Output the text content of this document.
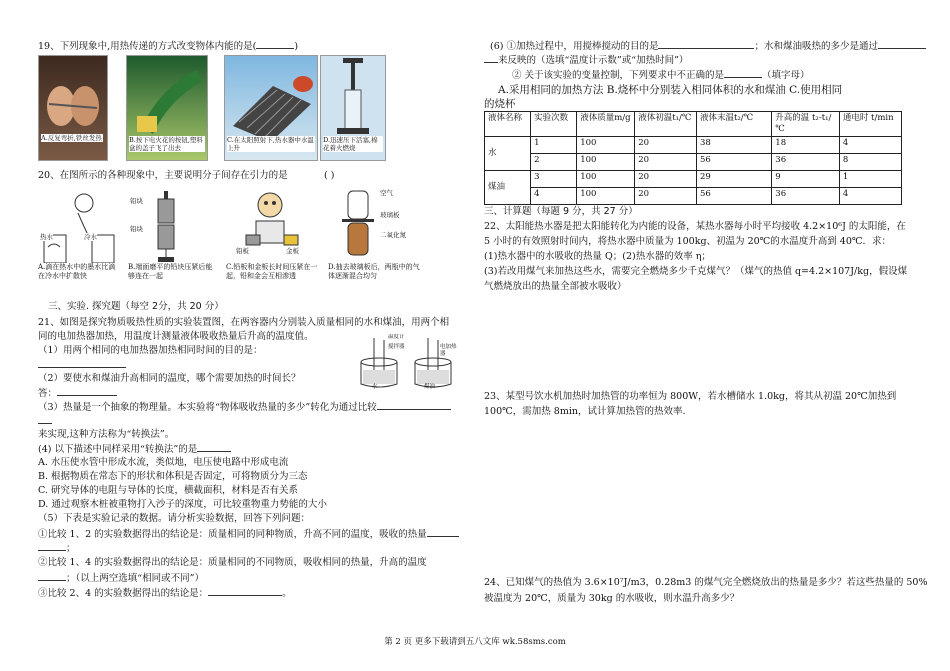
19、下列现象中,用热传递的方式改变物体内能的是(	)
A.反复弯折,铁丝发热	B.按下电火花的按钮,塑料盒的盖子飞了出去
C.在太阳照射下,热水器中水温上升
D.迅速压下活塞,棉花着火燃烧
20、在图所示的各种现象中，主要说明分子间存在引力的是	( )
热水	冷水
A.滴在热水中的墨水比滴在冷水中扩散快
铅块
铅块
B.端面磨平的铅块压紧后能够连在一起
铅板	金板
C.铅板和金板长时间压紧在一起，铅和金会互相渗透
空气
玻璃板
二氧化氮
D.抽去玻璃板后，两瓶中的气体逐渐混合均匀
三、实验. 探究题（每空 2分，共 20 分）
21、如图是探究物质吸热性质的实验装置图，在两容器内分别装入质量相同的水和煤油，用两个相
同的电加热器加热，用温度计测量液体吸收热量后升高的温度值。
（1）用两个相同的电加热器加热相同时间的目的是：
温度计
搅拌器	电加热器
水	煤油
（2）要使水和煤油升高相同的温度，哪个需要加热的时间长？
答：
（3）热量是一个抽象的物理量。本实验将“物体吸收热量的多少”转化为通过比较
来实现,这种方法称为“转换法”。
(4) 以下描述中同样采用“转换法”的是
A. 水压使水管中形成水流，类似地，电压使电路中形成电流
B. 根据物质在常态下的形状和体积是否固定，可将物质分为三态
C. 研究导体的电阻与导体的长度，横截面积，材料是否有关系
D. 通过观察木桩被重物打入沙子的深度，可比较重物重力势能的大小
（5）下表是实验记录的数据。请分析实验数据，回答下列问题：
①比较 1、2 的实验数据得出的结论是：质量相同的同种物质，升高不同的温度，吸收的热量
；
②比较 1、4 的实验数据得出的结论是：质量相同的不同物质，吸收相同的热量，升高的温度
；（以上两空选填“相同或不同”）
③比较 2、4 的实验数据得出的结论是：	。
(6) ①加热过程中，用搅棒搅动的目的是	；水和煤油吸热的多少是通过
来反映的（选填“温度计示数”或“加热时间”）
② 关于该实验的变量控制，下列要求中不正确的是	（填字母）
A.采用相同的加热方法 B.烧杯中分别装入相同体积的水和煤油 C.使用相同
的烧杯
液体名称	实验次数	液体质量m/g	液体初温t₁/℃	液体末温t₂/℃	升高的温 t₂-t₁/℃	通电时 t/min
水	1	100	20	38	18	4
	2	100	20	56	36	8
煤油	3	100	20	29	9	1
	4	100	20	56	36	4
三、计算题（每题 9 分，共 27 分）
22、太阳能热水器是把太阳能转化为内能的设备，某热水器每小时平均接收 4.2×10⁶J 的太阳能，在
5 小时的有效照射时间内，将热水器中质量为 100kg、初温为 20℃的水温度升高到 40℃．求：
(1)热水器中的水吸收的热量 Q；(2)热水器的效率 η；
(3)若改用煤气来加热这些水，需要完全燃烧多少千克煤气？（煤气的热值 q=4.2×107J/kg，假设煤
气燃烧放出的热量全部被水吸收）
23、某型号饮水机加热时加热管的功率恒为 800W，若水槽储水 1.0kg，将其从初温 20℃加热到
100℃，需加热 8min，试计算加热管的热效率.
24、已知煤气的热值为 3.6×10⁷J/m3，0.28m3 的煤气完全燃烧放出的热量是多少？若这些热量的 50%
被温度为 20℃，质量为 30kg 的水吸收，则水温升高多少？
第 2 页 更多下载请到五八文库 wk.58sms.com
